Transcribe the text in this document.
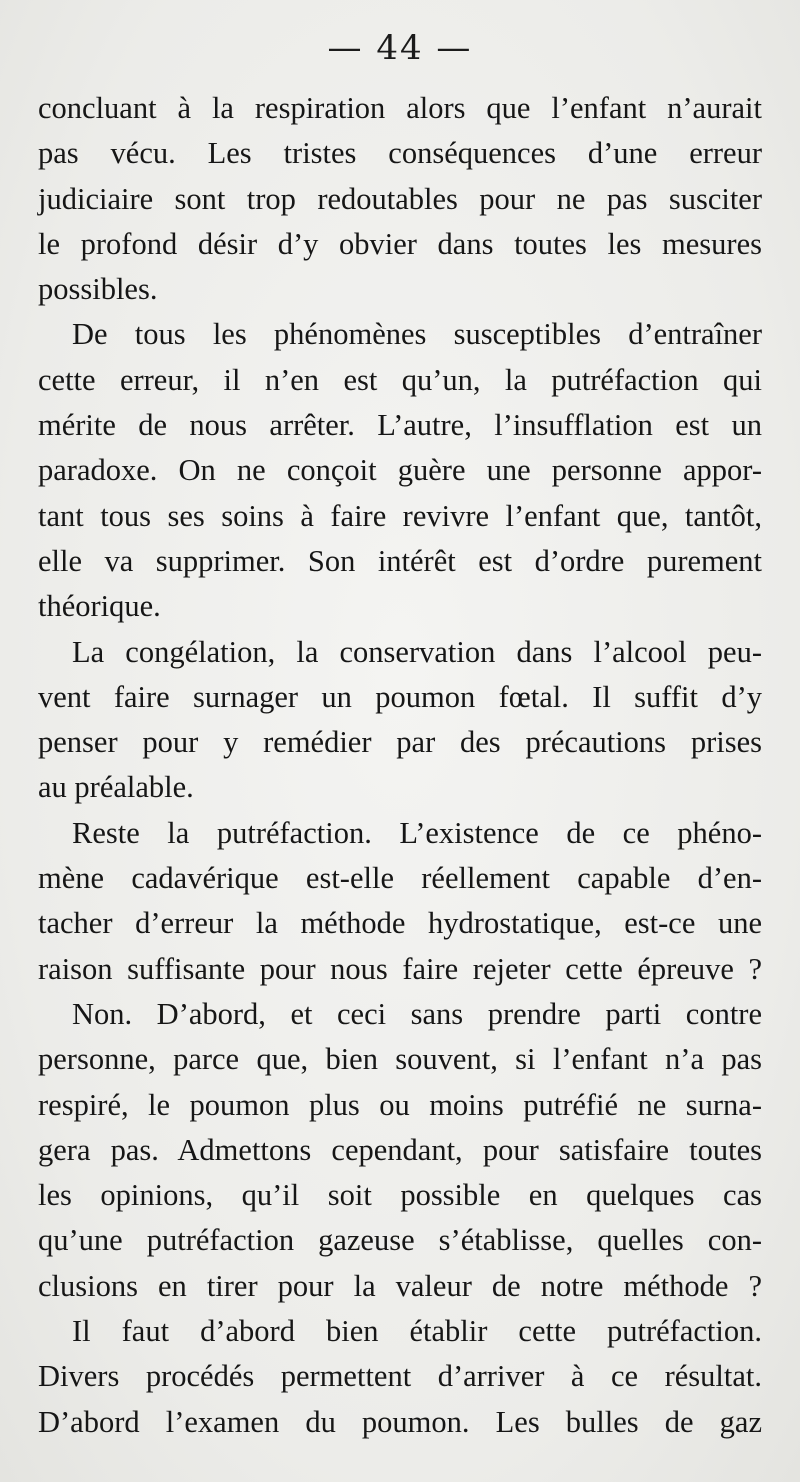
— 44 —
concluant à la respiration alors que l’enfant n’aurait
pas vécu. Les tristes conséquences d’une erreur
judiciaire sont trop redoutables pour ne pas susciter
le profond désir d’y obvier dans toutes les mesures
possibles.
De tous les phénomènes susceptibles d’entraîner
cette erreur, il n’en est qu’un, la putréfaction qui
mérite de nous arrêter. L’autre, l’insufflation est un
paradoxe. On ne conçoit guère une personne appor-
tant tous ses soins à faire revivre l’enfant que, tantôt,
elle va supprimer. Son intérêt est d’ordre purement
théorique.
La congélation, la conservation dans l’alcool peu-
vent faire surnager un poumon fœtal. Il suffit d’y
penser pour y remédier par des précautions prises
au préalable.
Reste la putréfaction. L’existence de ce phéno-
mène cadavérique est-elle réellement capable d’en-
tacher d’erreur la méthode hydrostatique, est-ce une
raison suffisante pour nous faire rejeter cette épreuve ?
Non. D’abord, et ceci sans prendre parti contre
personne, parce que, bien souvent, si l’enfant n’a pas
respiré, le poumon plus ou moins putréfié ne surna-
gera pas. Admettons cependant, pour satisfaire toutes
les opinions, qu’il soit possible en quelques cas
qu’une putréfaction gazeuse s’établisse, quelles con-
clusions en tirer pour la valeur de notre méthode ?
Il faut d’abord bien établir cette putréfaction.
Divers procédés permettent d’arriver à ce résultat.
D’abord l’examen du poumon. Les bulles de gaz
